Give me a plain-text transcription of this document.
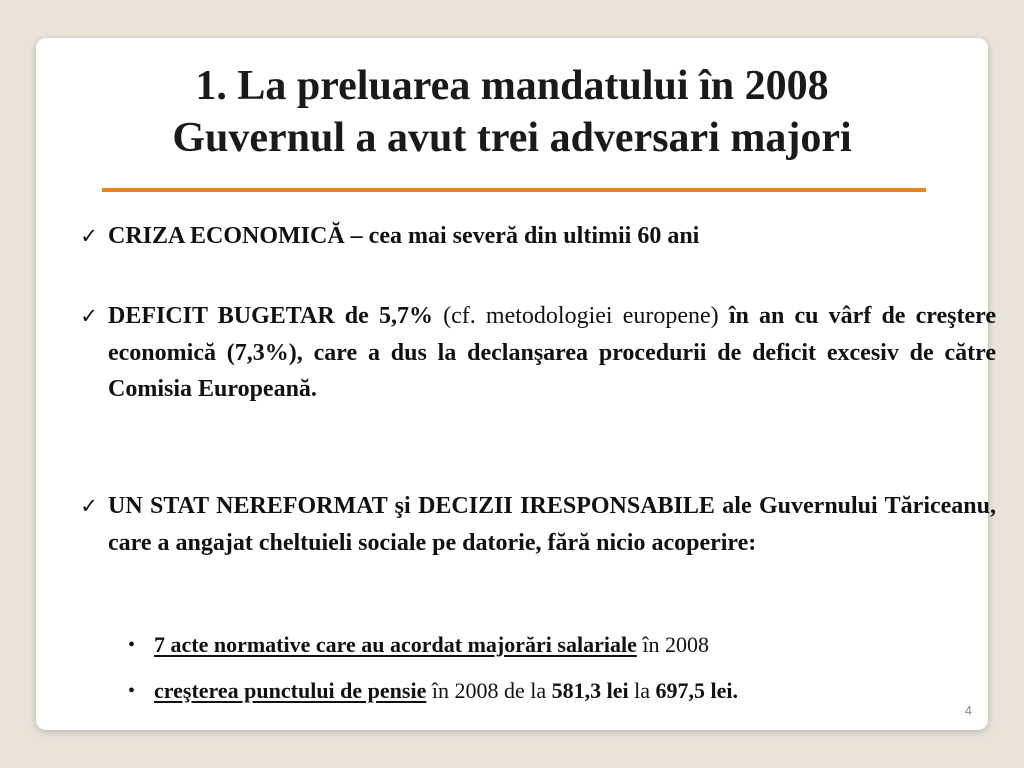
1. La preluarea mandatului în 2008
Guvernul a avut trei adversari majori
✓ CRIZA ECONOMICĂ – cea mai severă din ultimii 60 ani
✓ DEFICIT BUGETAR de 5,7% (cf. metodologiei europene) în an cu vârf de creştere economică (7,3%), care a dus la declanşarea procedurii de deficit excesiv de către Comisia Europeană.
✓ UN STAT NEREFORMAT şi DECIZII IRESPONSABILE ale Guvernului Tăriceanu, care a angajat cheltuieli sociale pe datorie, fără nicio acoperire:
• 7 acte normative care au acordat majorări salariale în 2008
• creşterea punctului de pensie în 2008 de la 581,3 lei la 697,5 lei.
4
